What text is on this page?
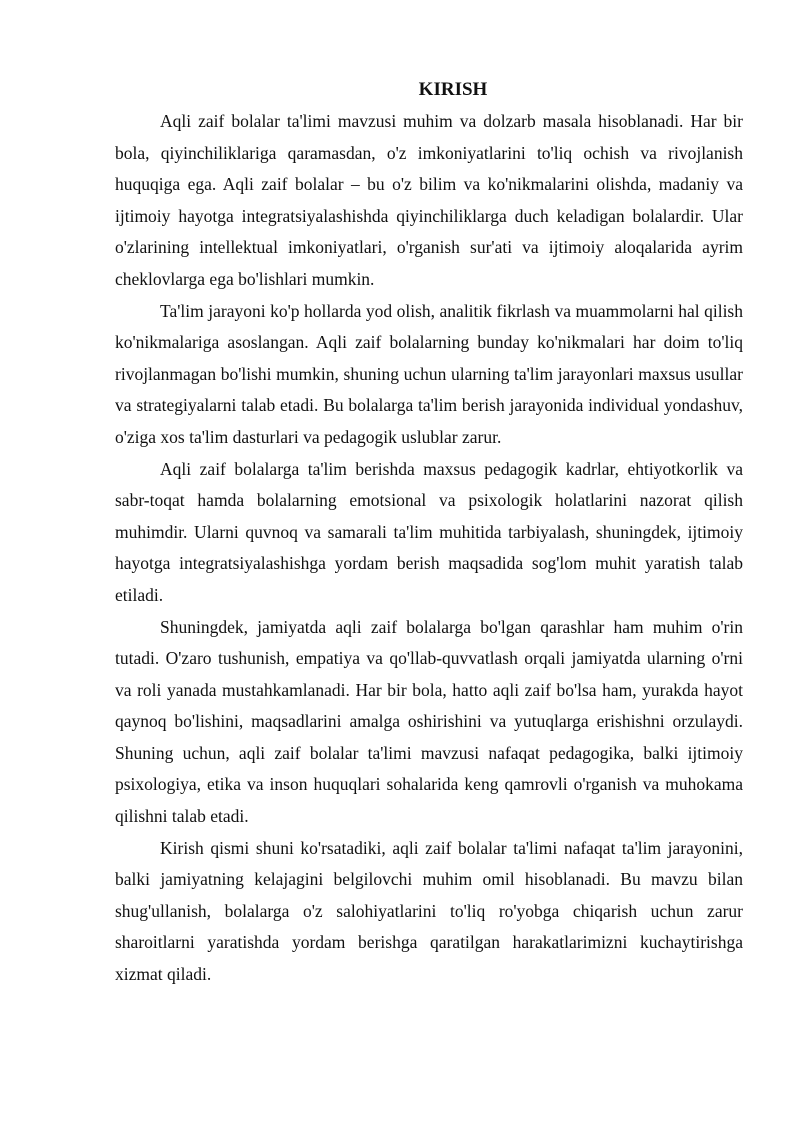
KIRISH

Aqli zaif bolalar ta'limi mavzusi muhim va dolzarb masala hisoblanadi. Har bir bola, qiyinchiliklariga qaramasdan, o'z imkoniyatlarini to'liq ochish va rivojlanish huquqiga ega. Aqli zaif bolalar – bu o'z bilim va ko'nikmalarini olishda, madaniy va ijtimoiy hayotga integratsiyalashishda qiyinchiliklarga duch keladigan bolalardir. Ular o'zlarining intellektual imkoniyatlari, o'rganish sur'ati va ijtimoiy aloqalarida ayrim cheklovlarga ega bo'lishlari mumkin.

Ta'lim jarayoni ko'p hollarda yod olish, analitik fikrlash va muammolarni hal qilish ko'nikmalariga asoslangan. Aqli zaif bolalarning bunday ko'nikmalari har doim to'liq rivojlanmagan bo'lishi mumkin, shuning uchun ularning ta'lim jarayonlari maxsus usullar va strategiyalarni talab etadi. Bu bolalarga ta'lim berish jarayonida individual yondashuv, o'ziga xos ta'lim dasturlari va pedagogik uslublar zarur.

Aqli zaif bolalarga ta'lim berishda maxsus pedagogik kadrlar, ehtiyotkorlik va sabr-toqat hamda bolalarning emotsional va psixologik holatlarini nazorat qilish muhimdir. Ularni quvnoq va samarali ta'lim muhitida tarbiyalash, shuningdek, ijtimoiy hayotga integratsiyalashishga yordam berish maqsadida sog'lom muhit yaratish talab etiladi.

Shuningdek, jamiyatda aqli zaif bolalarga bo'lgan qarashlar ham muhim o'rin tutadi. O'zaro tushunish, empatiya va qo'llab-quvvatlash orqali jamiyatda ularning o'rni va roli yanada mustahkamlanadi. Har bir bola, hatto aqli zaif bo'lsa ham, yurakda hayot qaynoq bo'lishini, maqsadlarini amalga oshirishini va yutuqlarga erishishni orzulaydi. Shuning uchun, aqli zaif bolalar ta'limi mavzusi nafaqat pedagogika, balki ijtimoiy psixologiya, etika va inson huquqlari sohalarida keng qamrovli o'rganish va muhokama qilishni talab etadi.

Kirish qismi shuni ko'rsatadiki, aqli zaif bolalar ta'limi nafaqat ta'lim jarayonini, balki jamiyatning kelajagini belgilovchi muhim omil hisoblanadi. Bu mavzu bilan shug'ullanish, bolalarga o'z salohiyatlarini to'liq ro'yobga chiqarish uchun zarur sharoitlarni yaratishda yordam berishga qaratilgan harakatlarimizni kuchaytirishga xizmat qiladi.
